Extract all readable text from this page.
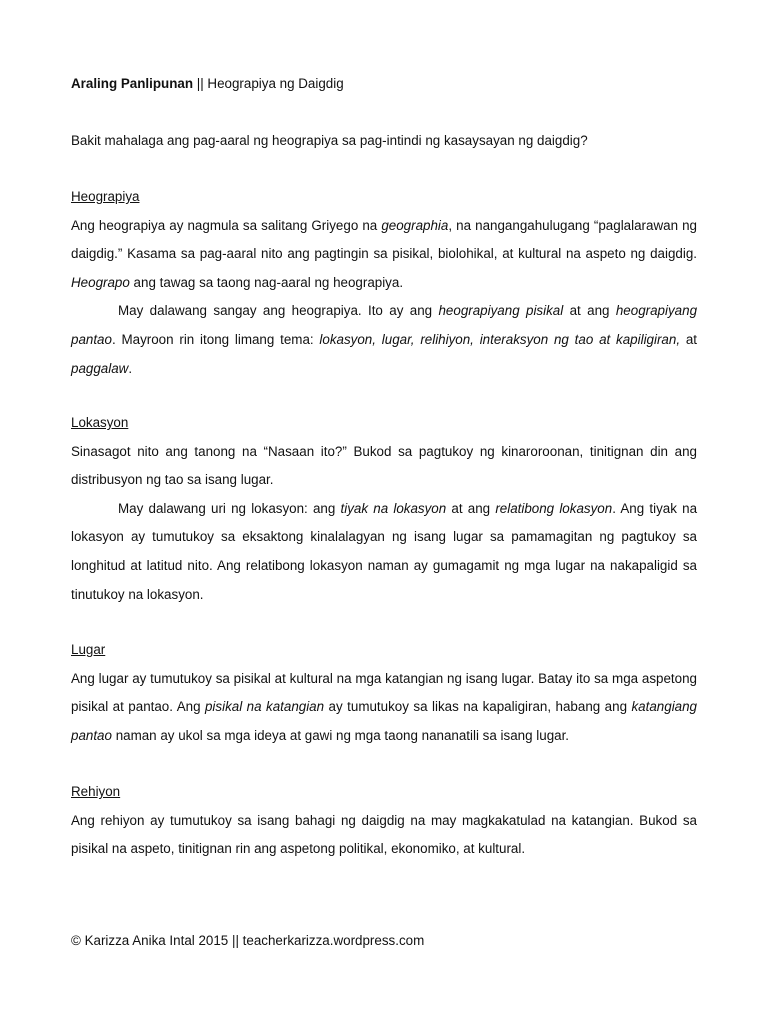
Araling Panlipunan || Heograpiya ng Daigdig
Bakit mahalaga ang pag-aaral ng heograpiya sa pag-intindi ng kasaysayan ng daigdig?
Heograpiya

Ang heograpiya ay nagmula sa salitang Griyego na geographia, na nangangahulugang “paglalarawan ng daigdig.” Kasama sa pag-aaral nito ang pagtingin sa pisikal, biolohikal, at kultural na aspeto ng daigdig. Heograpo ang tawag sa taong nag-aaral ng heograpiya.

May dalawang sangay ang heograpiya. Ito ay ang heograpiyang pisikal at ang heograpiyang pantao. Mayroon rin itong limang tema: lokasyon, lugar, relihiyon, interaksyon ng tao at kapiligiran, at paggalaw.

Lokasyon

Sinasagot nito ang tanong na “Nasaan ito?” Bukod sa pagtukoy ng kinaroroonan, tinitignan din ang distribusyon ng tao sa isang lugar.

May dalawang uri ng lokasyon: ang tiyak na lokasyon at ang relatibong lokasyon. Ang tiyak na lokasyon ay tumutukoy sa eksaktong kinalalagyan ng isang lugar sa pamamagitan ng pagtukoy sa longhitud at latitud nito. Ang relatibong lokasyon naman ay gumagamit ng mga lugar na nakapaligid sa tinutukoy na lokasyon.

Lugar

Ang lugar ay tumutukoy sa pisikal at kultural na mga katangian ng isang lugar. Batay ito sa mga aspetong pisikal at pantao. Ang pisikal na katangian ay tumutukoy sa likas na kapaligiran, habang ang katangiang pantao naman ay ukol sa mga ideya at gawi ng mga taong nananatili sa isang lugar.

Rehiyon

Ang rehiyon ay tumutukoy sa isang bahagi ng daigdig na may magkakatulad na katangian. Bukod sa pisikal na aspeto, tinitignan rin ang aspetong politikal, ekonomiko, at kultural.

© Karizza Anika Intal 2015 || teacherkarizza.wordpress.com
